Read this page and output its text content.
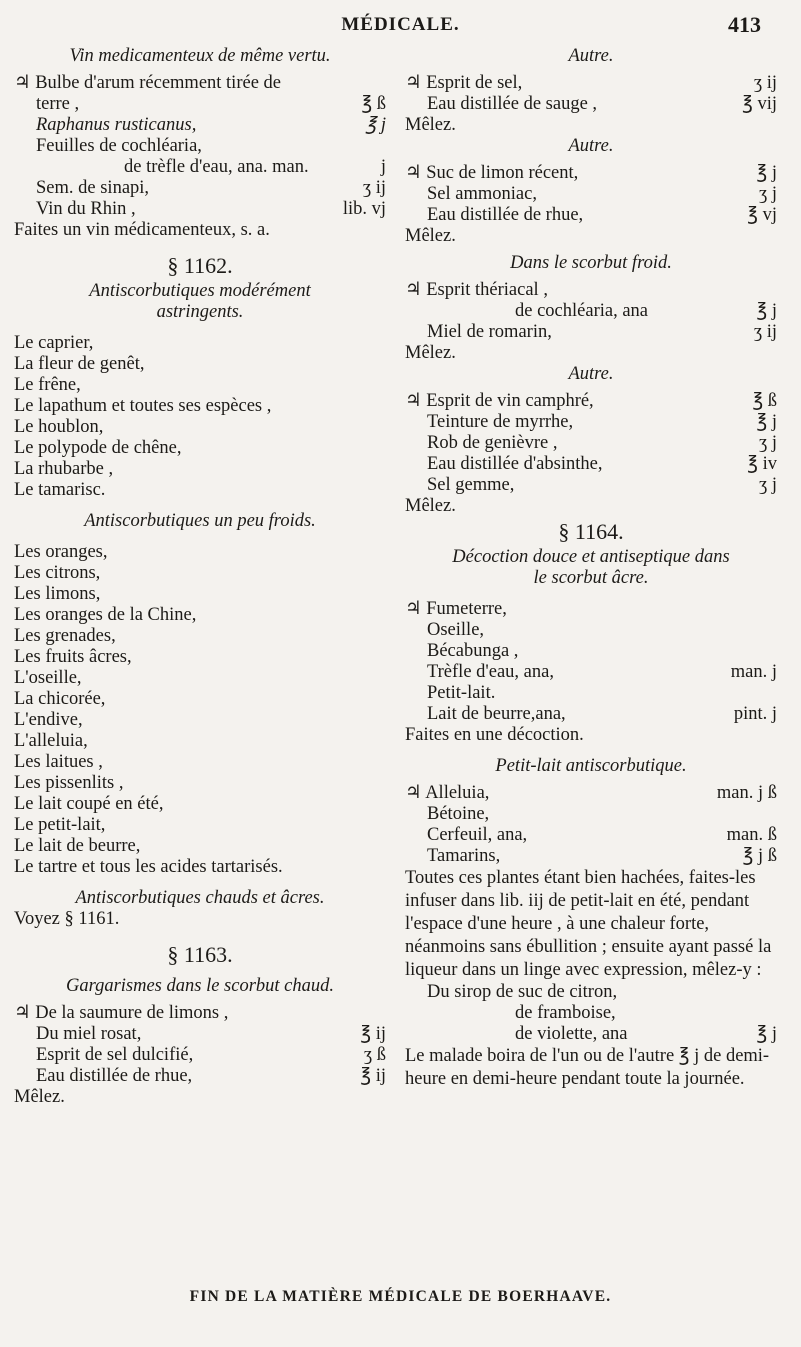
MÉDICALE.	413
Vin medicamenteux de même vertu.
♃ Bulbe d'arum récemment tirée de
terre ,	℥ ß
Raphanus rusticanus,	℥ j
Feuilles de cochléaria,
de trèfle d'eau, ana. man.	j
Sem. de sinapi,	ʒ ij
Vin du Rhin ,	lib. vj
Faites un vin médicamenteux, s. a.
§ 1162.
Antiscorbutiques modérément
astringents.
Le caprier,
La fleur de genêt,
Le frêne,
Le lapathum et toutes ses espèces ,
Le houblon,
Le polypode de chêne,
La rhubarbe ,
Le tamarisc.
Antiscorbutiques un peu froids.
Les oranges,
Les citrons,
Les limons,
Les oranges de la Chine,
Les grenades,
Les fruits âcres,
L'oseille,
La chicorée,
L'endive,
L'alleluia,
Les laitues ,
Les pissenlits ,
Le lait coupé en été,
Le petit-lait,
Le lait de beurre,
Le tartre et tous les acides tartarisés.
Antiscorbutiques chauds et âcres.
Voyez § 1161.
§ 1163.
Gargarismes dans le scorbut chaud.
♃ De la saumure de limons ,
Du miel rosat,	℥ ij
Esprit de sel dulcifié,	ʒ ß
Eau distillée de rhue,	℥ ij
Mêlez.
Autre.
♃ Esprit de sel,	ʒ ij
Eau distillée de sauge ,	℥ vij
Mêlez.
Autre.
♃ Suc de limon récent,	℥ j
Sel ammoniac,	ʒ j
Eau distillée de rhue,	℥ vj
Mêlez.
Dans le scorbut froid.
♃ Esprit thériacal ,
de cochléaria, ana	℥ j
Miel de romarin,	ʒ ij
Mêlez.
Autre.
♃ Esprit de vin camphré,	℥ ß
Teinture de myrrhe,	℥ j
Rob de genièvre ,	ʒ j
Eau distillée d'absinthe,	℥ iv
Sel gemme,	ʒ j
Mêlez.
§ 1164.
Décoction douce et antiseptique dans
le scorbut âcre.
♃ Fumeterre,
Oseille,
Bécabunga ,
Trèfle d'eau, ana,	man. j
Petit-lait.
Lait de beurre,ana,	pint. j
Faites en une décoction.
Petit-lait antiscorbutique.
♃ Alleluia,	man. j ß
Bétoine,
Cerfeuil, ana,	man. ß
Tamarins,	℥ j ß
Toutes ces plantes étant bien hachées, faites-les infuser dans lib. iij de petit-lait en été, pendant l'espace d'une heure , à une chaleur forte, néanmoins sans ébullition ; ensuite ayant passé la liqueur dans un linge avec expression, mêlez-y :
Du sirop de suc de citron,
de framboise,
de violette, ana	℥ j
Le malade boira de l'un ou de l'autre ℥ j de demi-heure en demi-heure pendant toute la journée.
FIN DE LA MATIÈRE MÉDICALE DE BOERHAAVE.
